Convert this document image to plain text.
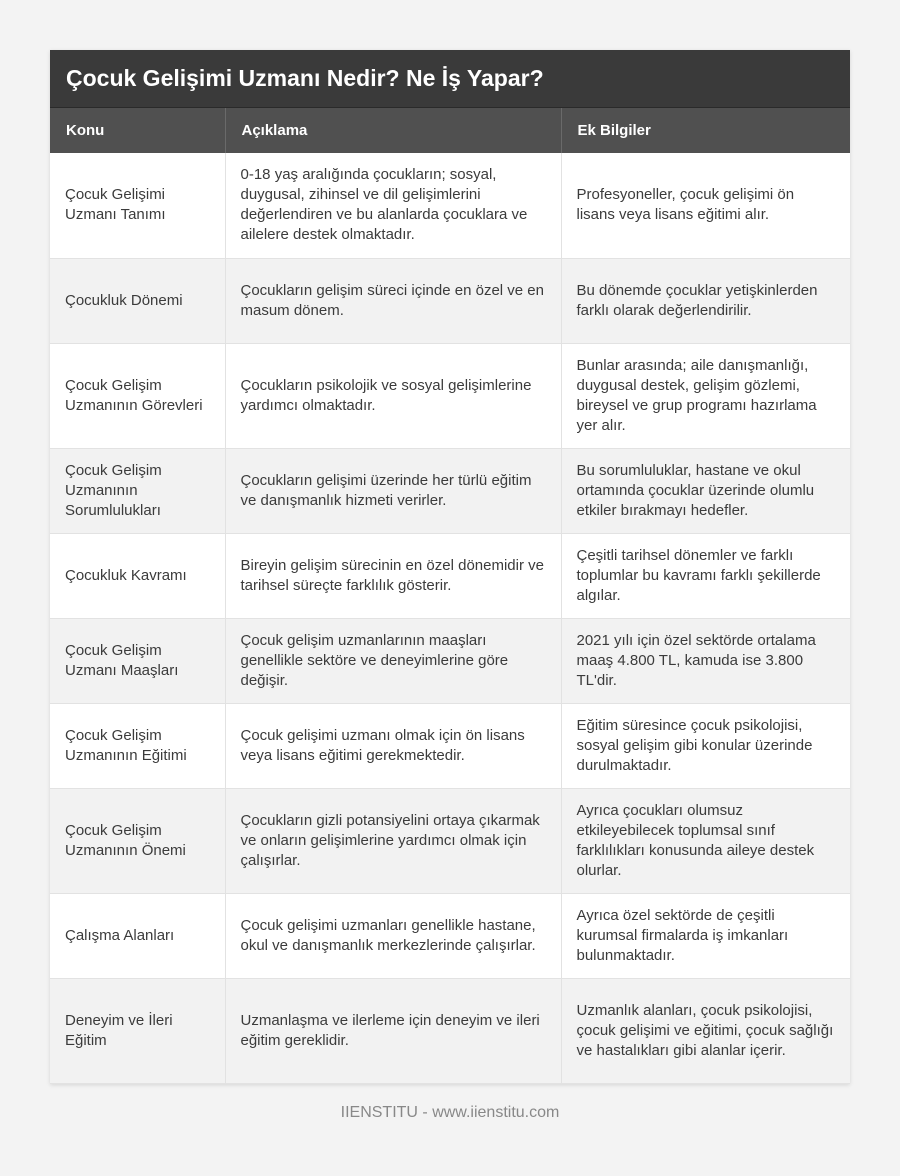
Çocuk Gelişimi Uzmanı Nedir? Ne İş Yapar?
Konu	Açıklama	Ek Bilgiler
Çocuk Gelişimi Uzmanı Tanımı	0-18 yaş aralığında çocukların; sosyal, duygusal, zihinsel ve dil gelişimlerini değerlendiren ve bu alanlarda çocuklara ve ailelere destek olmaktadır.	Profesyoneller, çocuk gelişimi ön lisans veya lisans eğitimi alır.
Çocukluk Dönemi	Çocukların gelişim süreci içinde en özel ve en masum dönem.	Bu dönemde çocuklar yetişkinlerden farklı olarak değerlendirilir.
Çocuk Gelişim Uzmanının Görevleri	Çocukların psikolojik ve sosyal gelişimlerine yardımcı olmaktadır.	Bunlar arasında; aile danışmanlığı, duygusal destek, gelişim gözlemi, bireysel ve grup programı hazırlama yer alır.
Çocuk Gelişim Uzmanının Sorumlulukları	Çocukların gelişimi üzerinde her türlü eğitim ve danışmanlık hizmeti verirler.	Bu sorumluluklar, hastane ve okul ortamında çocuklar üzerinde olumlu etkiler bırakmayı hedefler.
Çocukluk Kavramı	Bireyin gelişim sürecinin en özel dönemidir ve tarihsel süreçte farklılık gösterir.	Çeşitli tarihsel dönemler ve farklı toplumlar bu kavramı farklı şekillerde algılar.
Çocuk Gelişim Uzmanı Maaşları	Çocuk gelişim uzmanlarının maaşları genellikle sektöre ve deneyimlerine göre değişir.	2021 yılı için özel sektörde ortalama maaş 4.800 TL, kamuda ise 3.800 TL'dir.
Çocuk Gelişim Uzmanının Eğitimi	Çocuk gelişimi uzmanı olmak için ön lisans veya lisans eğitimi gerekmektedir.	Eğitim süresince çocuk psikolojisi, sosyal gelişim gibi konular üzerinde durulmaktadır.
Çocuk Gelişim Uzmanının Önemi	Çocukların gizli potansiyelini ortaya çıkarmak ve onların gelişimlerine yardımcı olmak için çalışırlar.	Ayrıca çocukları olumsuz etkileyebilecek toplumsal sınıf farklılıkları konusunda aileye destek olurlar.
Çalışma Alanları	Çocuk gelişimi uzmanları genellikle hastane, okul ve danışmanlık merkezlerinde çalışırlar.	Ayrıca özel sektörde de çeşitli kurumsal firmalarda iş imkanları bulunmaktadır.
Deneyim ve İleri Eğitim	Uzmanlaşma ve ilerleme için deneyim ve ileri eğitim gereklidir.	Uzmanlık alanları, çocuk psikolojisi, çocuk gelişimi ve eğitimi, çocuk sağlığı ve hastalıkları gibi alanlar içerir.
IIENSTITU - www.iienstitu.com
